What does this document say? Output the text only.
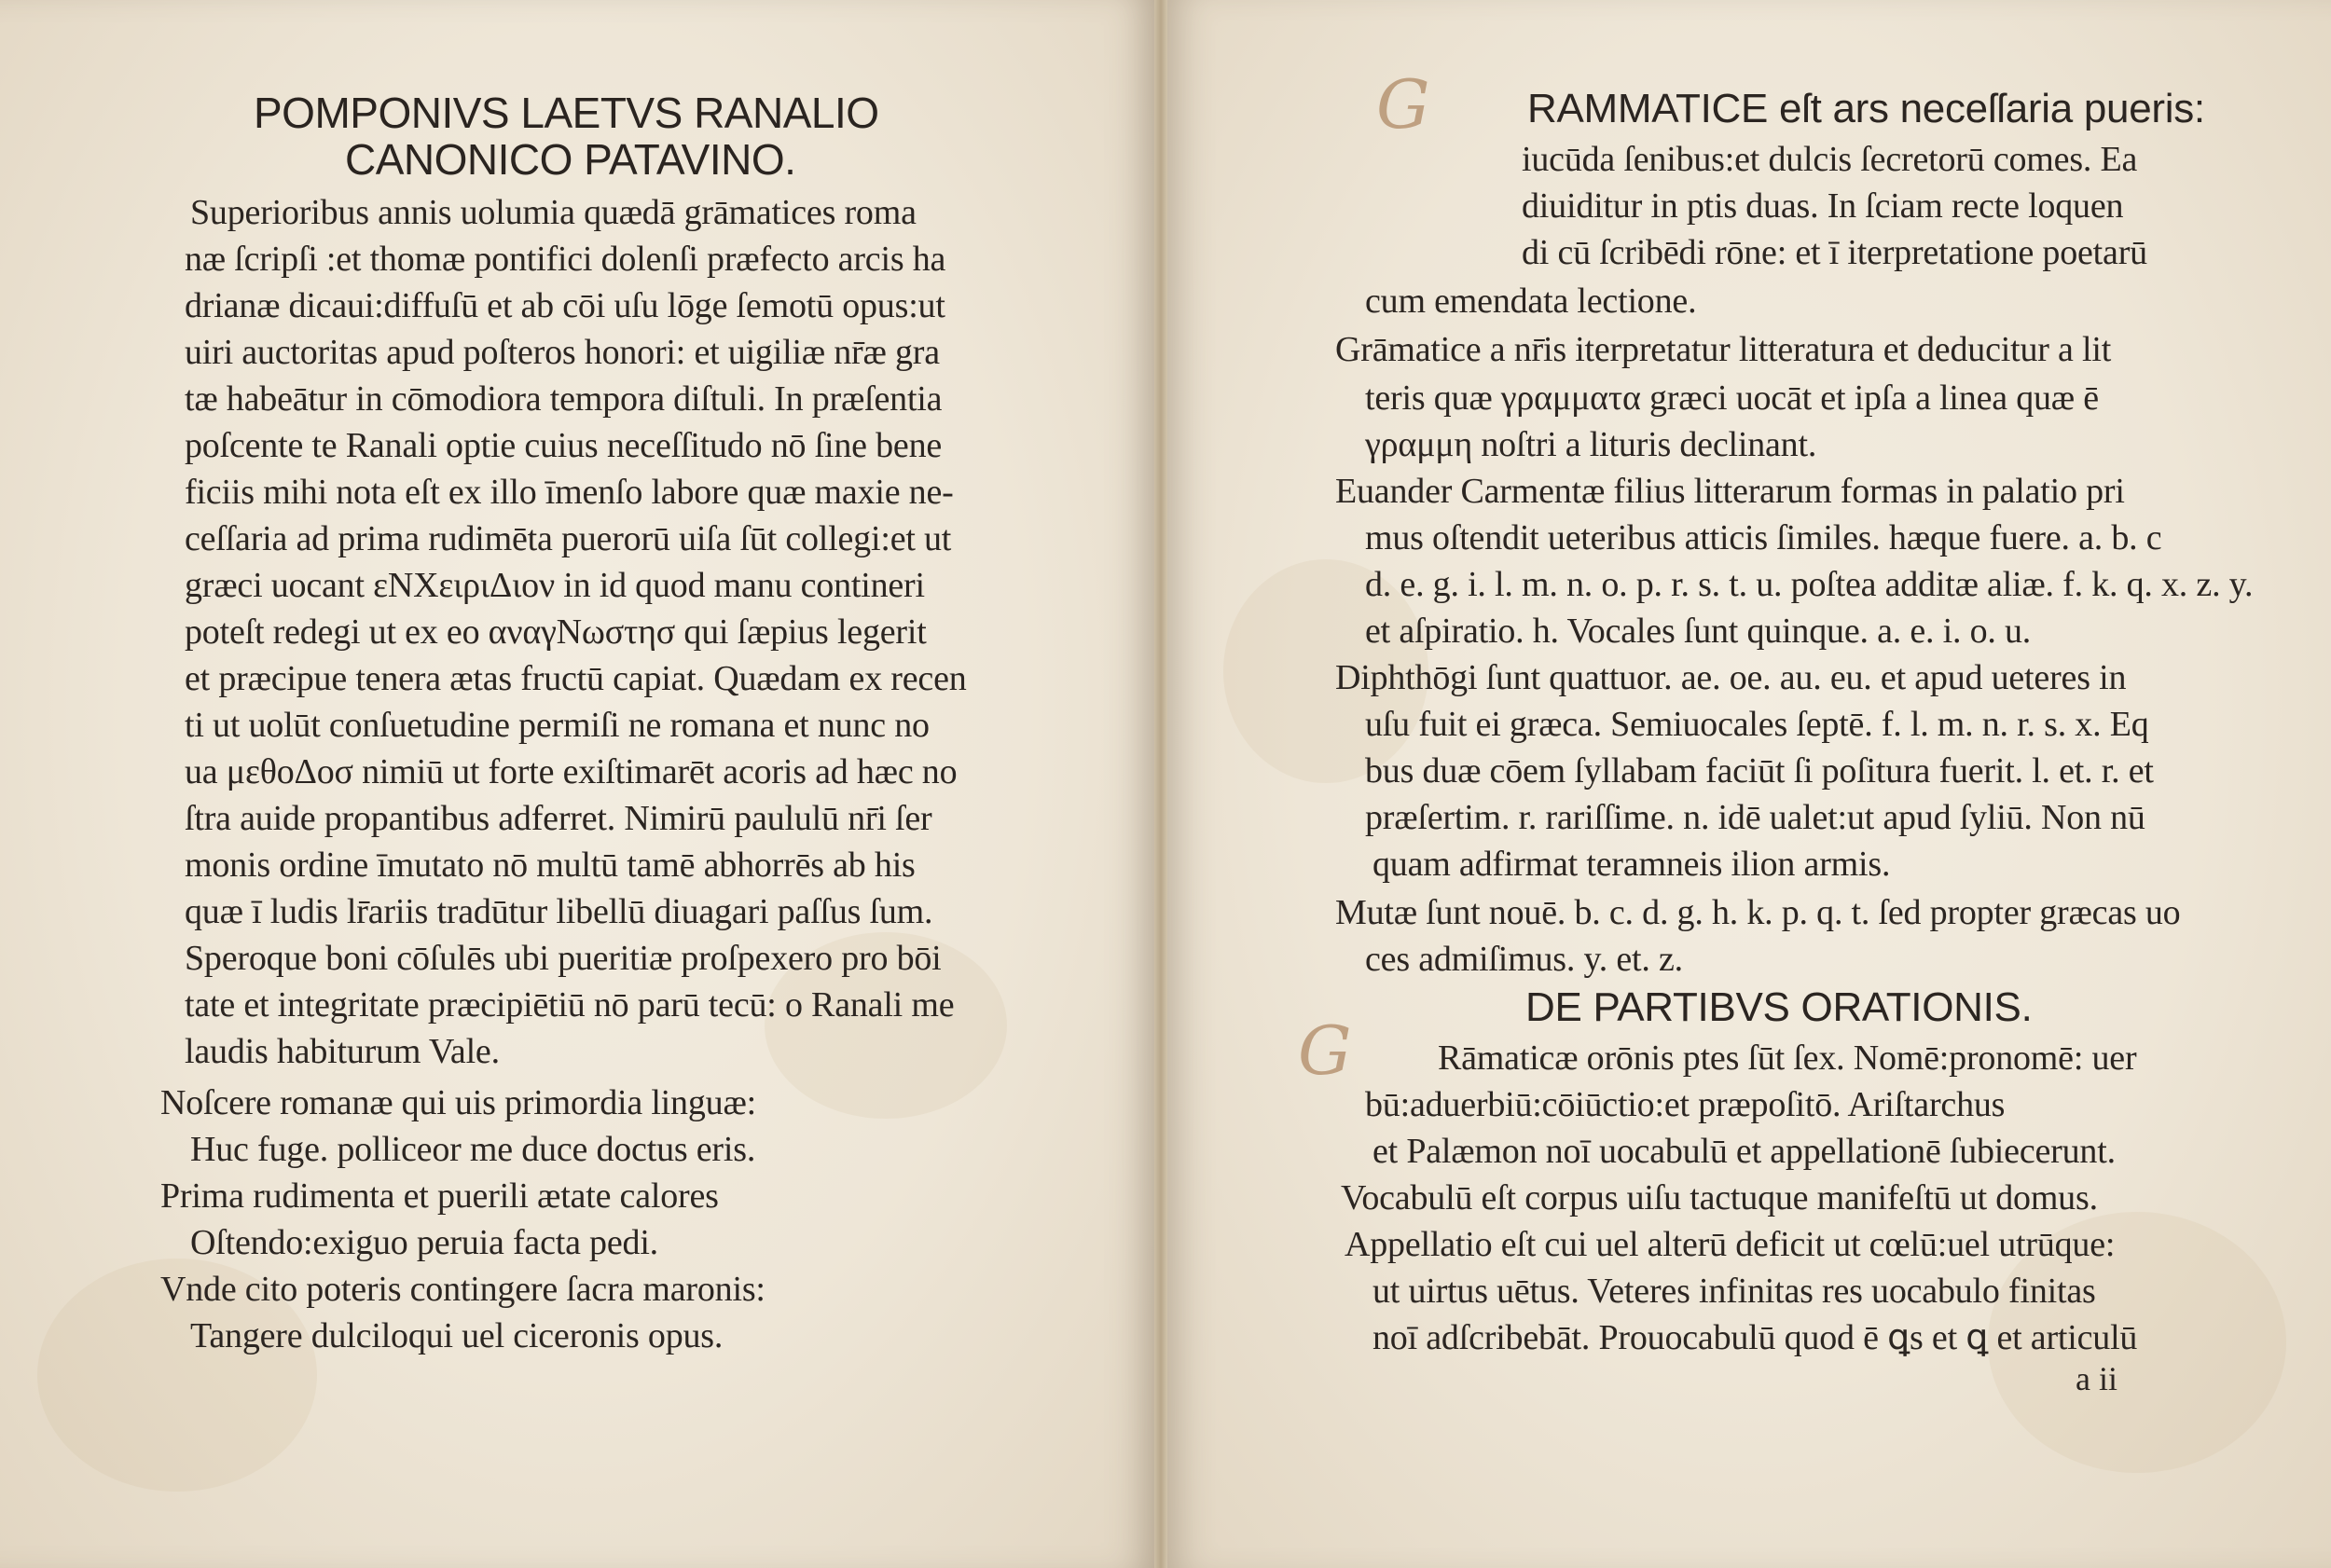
POMPONIVS LAETVS RANALIO
CANONICO PATAVINO.
Superioribus annis uolumia quædā grāmatices roma
næ ſcripſi :et thomæ pontifici dolenſi præfecto arcis ha
drianæ dicaui:diffuſū et ab cōi uſu lōge ſemotū opus:ut
uiri auctoritas apud poſteros honori: et uigiliæ nr̄æ gra
tæ habeātur in cōmodiora tempora diſtuli. In præſentia
poſcente te Ranali optie cuius neceſſitudo nō ſine bene
ficiis mihi nota eſt ex illo īmenſo labore quæ maxie ne-
ceſſaria ad prima rudimēta puerorū uiſa ſūt collegi:et ut
græci uocant εΝΧειριΔιον in id quod manu contineri
poteſt redegi ut ex eo αναγΝωστησ qui ſæpius legerit
et præcipue tenera ætas fructū capiat. Quædam ex recen
ti ut uolūt conſuetudine permiſi ne romana et nunc no
ua μεθοΔοσ nimiū ut forte exiſtimarēt acoris ad hæc no
ſtra auide propantibus adferret. Nimirū paululū nr̄i ſer
monis ordine īmutato nō multū tamē abhorrēs ab his
quæ ī ludis lr̄ariis tradūtur libellū diuagari paſſus ſum.
Speroque boni cōſulēs ubi pueritiæ proſpexero pro bōi
tate et integritate præcipiētiū nō parū tecū: o Ranali me
laudis habiturum Vale.
Noſcere romanæ qui uis primordia linguæ:
Huc fuge. polliceor me duce doctus eris.
Prima rudimenta et puerili ætate calores
Oſtendo:exiguo peruia facta pedi.
Vnde cito poteris contingere ſacra maronis:
Tangere dulciloqui uel ciceronis opus.
G RAMMATICE eſt ars neceſſaria pueris:
iucūda ſenibus:et dulcis ſecretorū comes. Ea
diuiditur in ptis duas. In ſciam recte loquen
di cū ſcribēdi rōne: et ī iterpretatione poetarū
cum emendata lectione.
Grāmatice a nr̄is iterpretatur litteratura et deducitur a lit
teris quæ γραμματα græci uocāt et ipſa a linea quæ ē
γραμμη noſtri a lituris declinant.
Euander Carmentæ filius litterarum formas in palatio pri
mus oſtendit ueteribus atticis ſimiles. hæque fuere. a. b. c
d. e. g. i. l. m. n. o. p. r. s. t. u. poſtea additæ aliæ. f. k. q. x. z. y.
et aſpiratio. h. Vocales ſunt quinque. a. e. i. o. u.
Diphthōgi ſunt quattuor. ae. oe. au. eu. et apud ueteres in
uſu fuit ei græca. Semiuocales ſeptē. f. l. m. n. r. s. x. Eq
bus duæ cōem ſyllabam faciūt ſi poſitura fuerit. l. et. r. et
præſertim. r. rariſſime. n. idē ualet:ut apud ſyliū. Non nū
quam adfirmat teramneis ilion armis.
Mutæ ſunt nouē. b. c. d. g. h. k. p. q. t. ſed propter græcas uo
ces admiſimus. y. et. z.
DE PARTIBVS ORATIONIS.
G Rāmaticæ orōnis ptes ſūt ſex. Nomē:pronomē: uer
bū:aduerbiū:cōiūctio:et præpoſitō. Ariſtarchus
et Palæmon noī uocabulū et appellationē ſubiecerunt.
Vocabulū eſt corpus uiſu tactuque manifeſtū ut domus.
Appellatio eſt cui uel alterū deficit ut cœlū:uel utrūque:
ut uirtus uētus. Veteres infinitas res uocabulo finitas
noī adſcribebāt. Prouocabulū quod ē ꝗs et ꝗ et articulū
a ii
